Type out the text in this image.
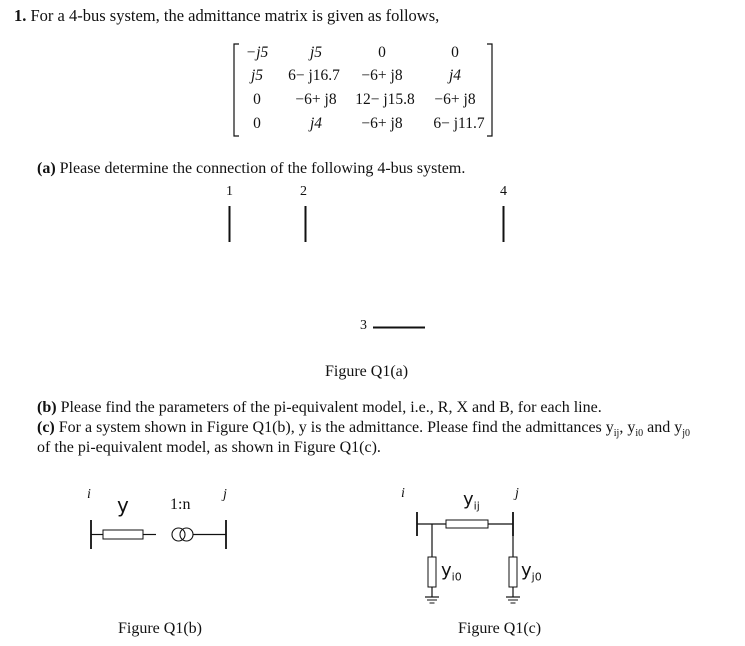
1. For a 4-bus system, the admittance matrix is given as follows,
−j5	j5	0	0
j5	6− j16.7	−6+ j8	j4
0	−6+ j8	12− j15.8	−6+ j8
0	j4	−6+ j8	6− j11.7
(a) Please determine the connection of the following 4-bus system.
1	2
3
4
Figure Q1(a)
(b) Please find the parameters of the pi-equivalent model, i.e., R, X and B, for each line.
(c) For a system shown in Figure Q1(b), y is the admittance. Please find the admittances $y_{ij}$, $y_{i0}$ and $y_{j0}$
of the pi-equivalent model, as shown in Figure Q1(c).
i y	1:n
j
Figure Q1(b)
i	$y_{ij}$
j
$y_{i0}$	$y_{j0}$
Figure Q1(c)
